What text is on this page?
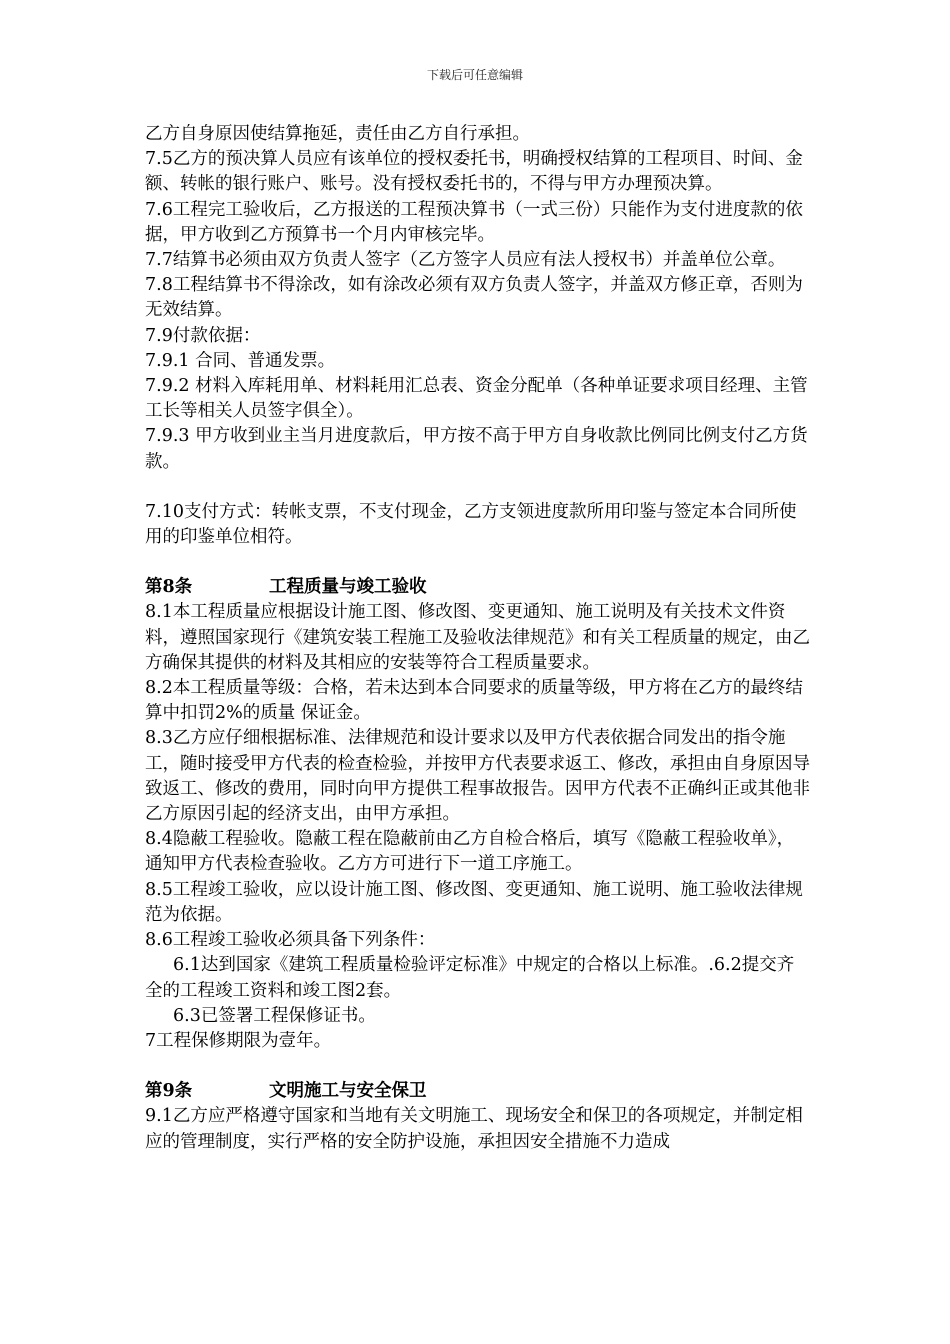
下载后可任意编辑

乙方自身原因使结算拖延，责任由乙方自行承担。

7.5乙方的预决算人员应有该单位的授权委托书，明确授权结算的工程项目、时间、金额、转帐的银行账户、账号。没有授权委托书的，不得与甲方办理预决算。

7.6工程完工验收后，乙方报送的工程预决算书（一式三份）只能作为支付进度款的依据，甲方收到乙方预算书一个月内审核完毕。

7.7结算书必须由双方负责人签字（乙方签字人员应有法人授权书）并盖单位公章。

7.8工程结算书不得涂改，如有涂改必须有双方负责人签字，并盖双方修正章，否则为无效结算。

7.9付款依据：

7.9.1 合同、普通发票。

7.9.2 材料入库耗用单、材料耗用汇总表、资金分配单（各种单证要求项目经理、主管工长等相关人员签字俱全）。

7.9.3 甲方收到业主当月进度款后，甲方按不高于甲方自身收款比例同比例支付乙方货款。

7.10支付方式：转帐支票，不支付现金，乙方支领进度款所用印鉴与签定本合同所使用的印鉴单位相符。

第8条	工程质量与竣工验收

8.1本工程质量应根据设计施工图、修改图、变更通知、施工说明及有关技术文件资料，遵照国家现行《建筑安装工程施工及验收法律规范》和有关工程质量的规定，由乙方确保其提供的材料及其相应的安装等符合工程质量要求。

8.2本工程质量等级：合格，若未达到本合同要求的质量等级，甲方将在乙方的最终结算中扣罚2%的质量 保证金。

8.3乙方应仔细根据标准、法律规范和设计要求以及甲方代表依据合同发出的指令施工，随时接受甲方代表的检查检验，并按甲方代表要求返工、修改，承担由自身原因导致返工、修改的费用，同时向甲方提供工程事故报告。因甲方代表不正确纠正或其他非乙方原因引起的经济支出，由甲方承担。

8.4隐蔽工程验收。隐蔽工程在隐蔽前由乙方自检合格后，填写《隐蔽工程验收单》，通知甲方代表检查验收。乙方方可进行下一道工序施工。

8.5工程竣工验收，应以设计施工图、修改图、变更通知、施工说明、施工验收法律规范为依据。

8.6工程竣工验收必须具备下列条件：

6.1达到国家《建筑工程质量检验评定标准》中规定的合格以上标准。.6.2提交齐全的工程竣工资料和竣工图2套。

6.3已签署工程保修证书。

7工程保修期限为壹年。

第9条	文明施工与安全保卫

9.1乙方应严格遵守国家和当地有关文明施工、现场安全和保卫的各项规定，并制定相应的管理制度，实行严格的安全防护设施，承担因安全措施不力造成
